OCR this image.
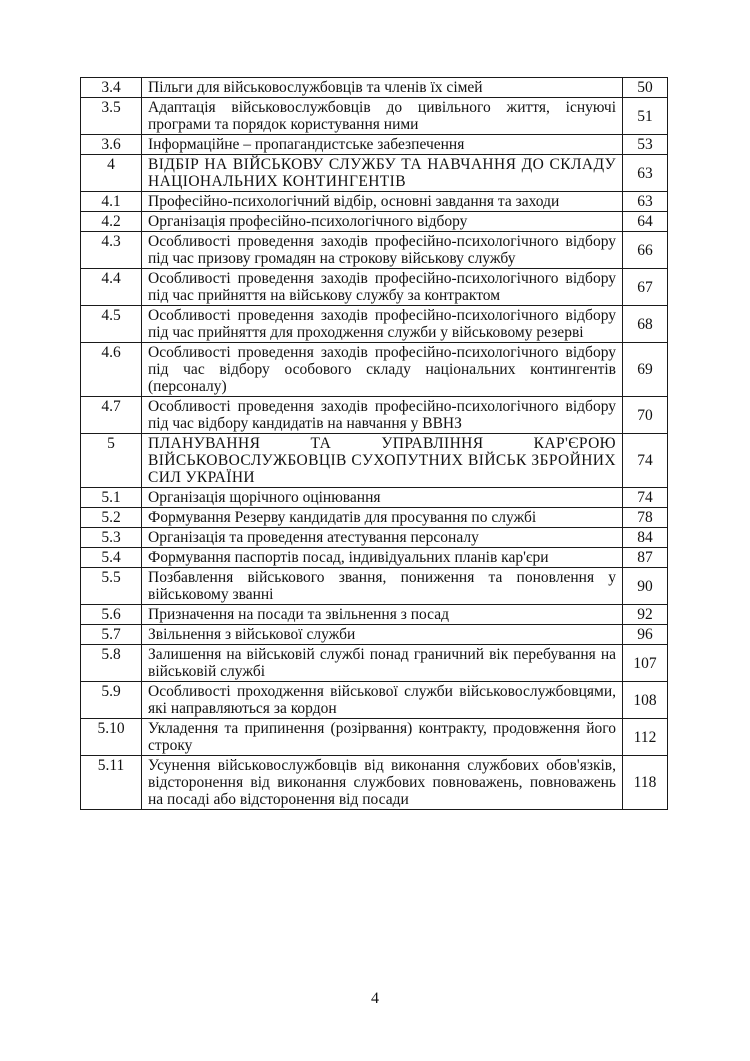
3.4	Пільги для військовослужбовців та членів їх сімей	50
3.5	Адаптація військовослужбовців до цивільного життя, існуючі програми та порядок користування ними	51
3.6	Інформаційне – пропагандистське забезпечення	53
4	ВІДБІР НА ВІЙСЬКОВУ СЛУЖБУ ТА НАВЧАННЯ ДО СКЛАДУ НАЦІОНАЛЬНИХ КОНТИНГЕНТІВ	63
4.1	Професійно-психологічний відбір, основні завдання та заходи	63
4.2	Організація професійно-психологічного відбору	64
4.3	Особливості проведення заходів професійно-психологічного відбору під час призову громадян на строкову військову службу	66
4.4	Особливості проведення заходів професійно-психологічного відбору під час прийняття на військову службу за контрактом	67
4.5	Особливості проведення заходів професійно-психологічного відбору під час прийняття для проходження служби у військовому резерві	68
4.6	Особливості проведення заходів професійно-психологічного відбору під час відбору особового складу національних контингентів (персоналу)	69
4.7	Особливості проведення заходів професійно-психологічного відбору під час відбору кандидатів на навчання у ВВНЗ	70
5	ПЛАНУВАННЯ ТА УПРАВЛІННЯ КАР'ЄРОЮ ВІЙСЬКОВОСЛУЖБОВЦІВ СУХОПУТНИХ ВІЙСЬК ЗБРОЙНИХ СИЛ УКРАЇНИ	74
5.1	Організація щорічного оцінювання	74
5.2	Формування Резерву кандидатів для просування по службі	78
5.3	Організація та проведення атестування персоналу	84
5.4	Формування паспортів посад, індивідуальних планів кар'єри	87
5.5	Позбавлення військового звання, пониження та поновлення у військовому званні	90
5.6	Призначення на посади та звільнення з посад	92
5.7	Звільнення з військової служби	96
5.8	Залишення на військовій службі понад граничний вік перебування на військовій службі	107
5.9	Особливості проходження військової служби військовослужбовцями, які направляються за кордон	108
5.10	Укладення та припинення (розірвання) контракту, продовження його строку	112
5.11	Усунення військовослужбовців від виконання службових обов'язків, відсторонення від виконання службових повноважень, повноважень на посаді або відсторонення від посади	118
4
